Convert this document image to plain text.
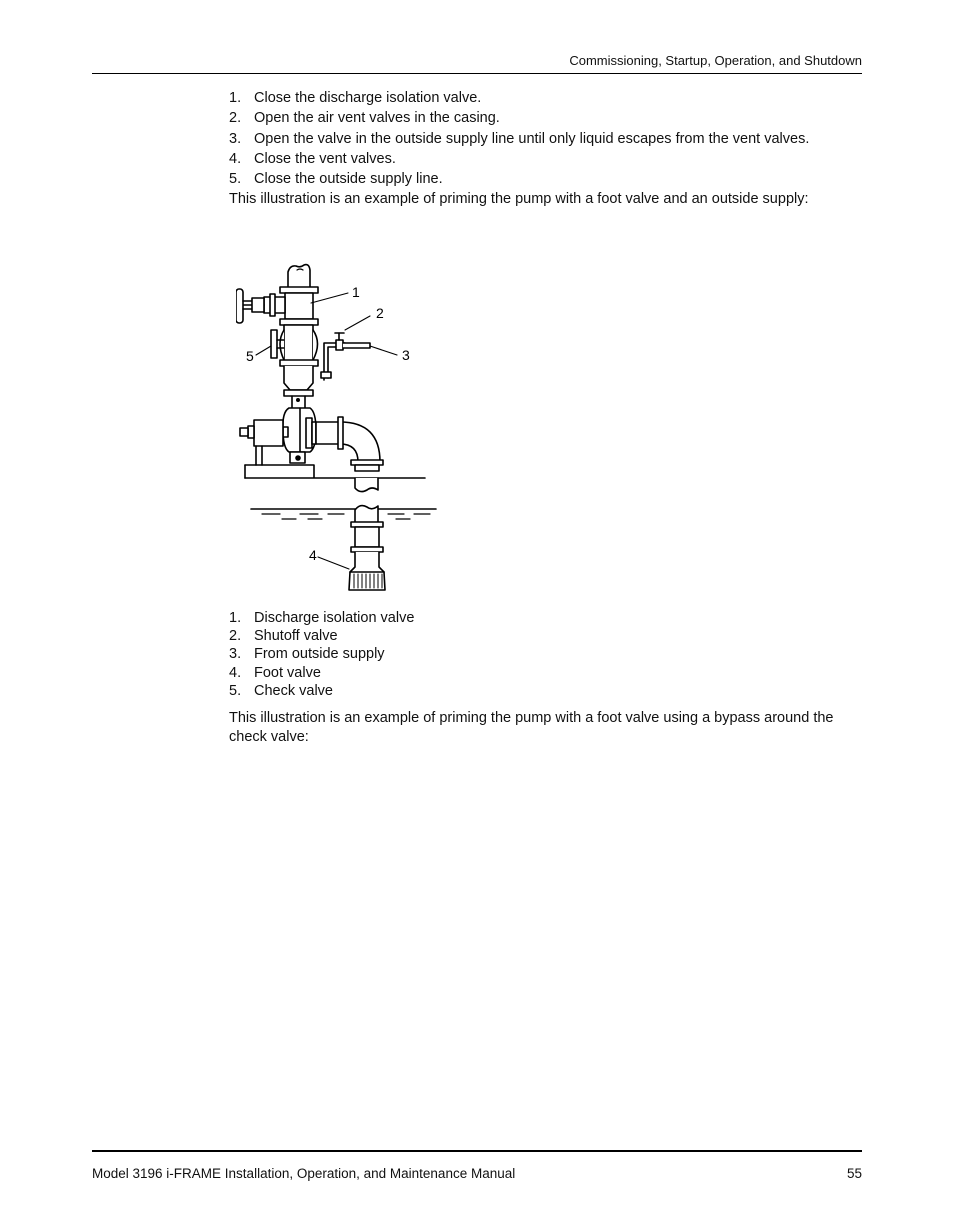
Commissioning, Startup, Operation, and Shutdown
1. Close the discharge isolation valve.
2. Open the air vent valves in the casing.
3. Open the valve in the outside supply line until only liquid escapes from the vent valves.
4. Close the vent valves.
5. Close the outside supply line.

This illustration is an example of priming the pump with a foot valve and an outside supply:

1
2
3
4
5
1. Discharge isolation valve
2. Shutoff valve
3. From outside supply
4. Foot valve
5. Check valve

This illustration is an example of priming the pump with a foot valve using a bypass around the check valve:

Model 3196 i-FRAME Installation, Operation, and Maintenance Manual	55
